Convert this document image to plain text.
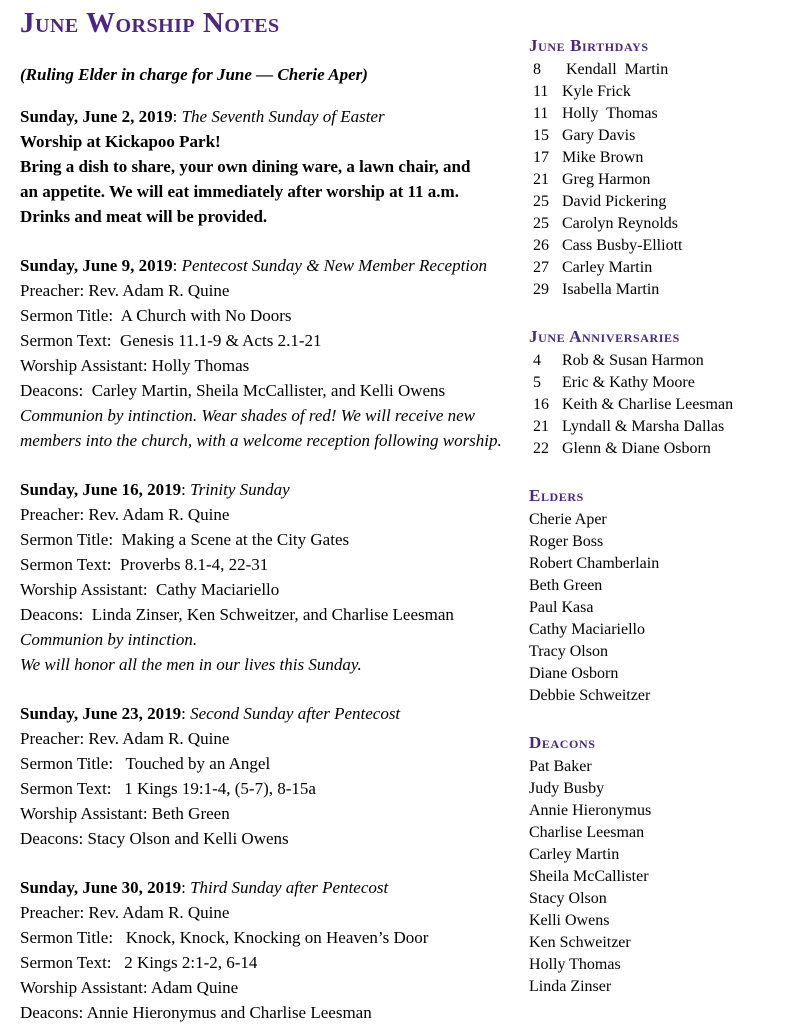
June Worship Notes
(Ruling Elder in charge for June — Cherie Aper)
Sunday, June 2, 2019: The Seventh Sunday of Easter
Worship at Kickapoo Park!
Bring a dish to share, your own dining ware, a lawn chair, and
an appetite. We will eat immediately after worship at 11 a.m.
Drinks and meat will be provided.
Sunday, June 9, 2019: Pentecost Sunday & New Member Reception
Preacher: Rev. Adam R. Quine
Sermon Title:  A Church with No Doors
Sermon Text:  Genesis 11.1-9 & Acts 2.1-21
Worship Assistant: Holly Thomas
Deacons:  Carley Martin, Sheila McCallister, and Kelli Owens
Communion by intinction. Wear shades of red! We will receive new
members into the church, with a welcome reception following worship.
Sunday, June 16, 2019: Trinity Sunday
Preacher: Rev. Adam R. Quine
Sermon Title:  Making a Scene at the City Gates
Sermon Text:  Proverbs 8.1-4, 22-31
Worship Assistant:  Cathy Maciariello
Deacons:  Linda Zinser, Ken Schweitzer, and Charlise Leesman
Communion by intinction.
We will honor all the men in our lives this Sunday.
Sunday, June 23, 2019: Second Sunday after Pentecost
Preacher: Rev. Adam R. Quine
Sermon Title:   Touched by an Angel
Sermon Text:   1 Kings 19:1-4, (5-7), 8-15a
Worship Assistant: Beth Green
Deacons: Stacy Olson and Kelli Owens
Sunday, June 30, 2019: Third Sunday after Pentecost
Preacher: Rev. Adam R. Quine
Sermon Title:   Knock, Knock, Knocking on Heaven’s Door
Sermon Text:   2 Kings 2:1-2, 6-14
Worship Assistant: Adam Quine
Deacons: Annie Hieronymus and Charlise Leesman
June Birthdays
8	Kendall  Martin
11 Kyle Frick
11 Holly  Thomas
15 Gary Davis
17 Mike Brown
21 Greg Harmon
25 David Pickering
25 Carolyn Reynolds
26 Cass Busby-Elliott
27 Carley Martin
29 Isabella Martin
June Anniversaries
4	Rob & Susan Harmon
5	Eric & Kathy Moore
16 Keith & Charlise Leesman
21 Lyndall & Marsha Dallas
22 Glenn & Diane Osborn
Elders
Cherie Aper
Roger Boss
Robert Chamberlain
Beth Green
Paul Kasa
Cathy Maciariello
Tracy Olson
Diane Osborn
Debbie Schweitzer
Deacons
Pat Baker
Judy Busby
Annie Hieronymus
Charlise Leesman
Carley Martin
Sheila McCallister
Stacy Olson
Kelli Owens
Ken Schweitzer
Holly Thomas
Linda Zinser
